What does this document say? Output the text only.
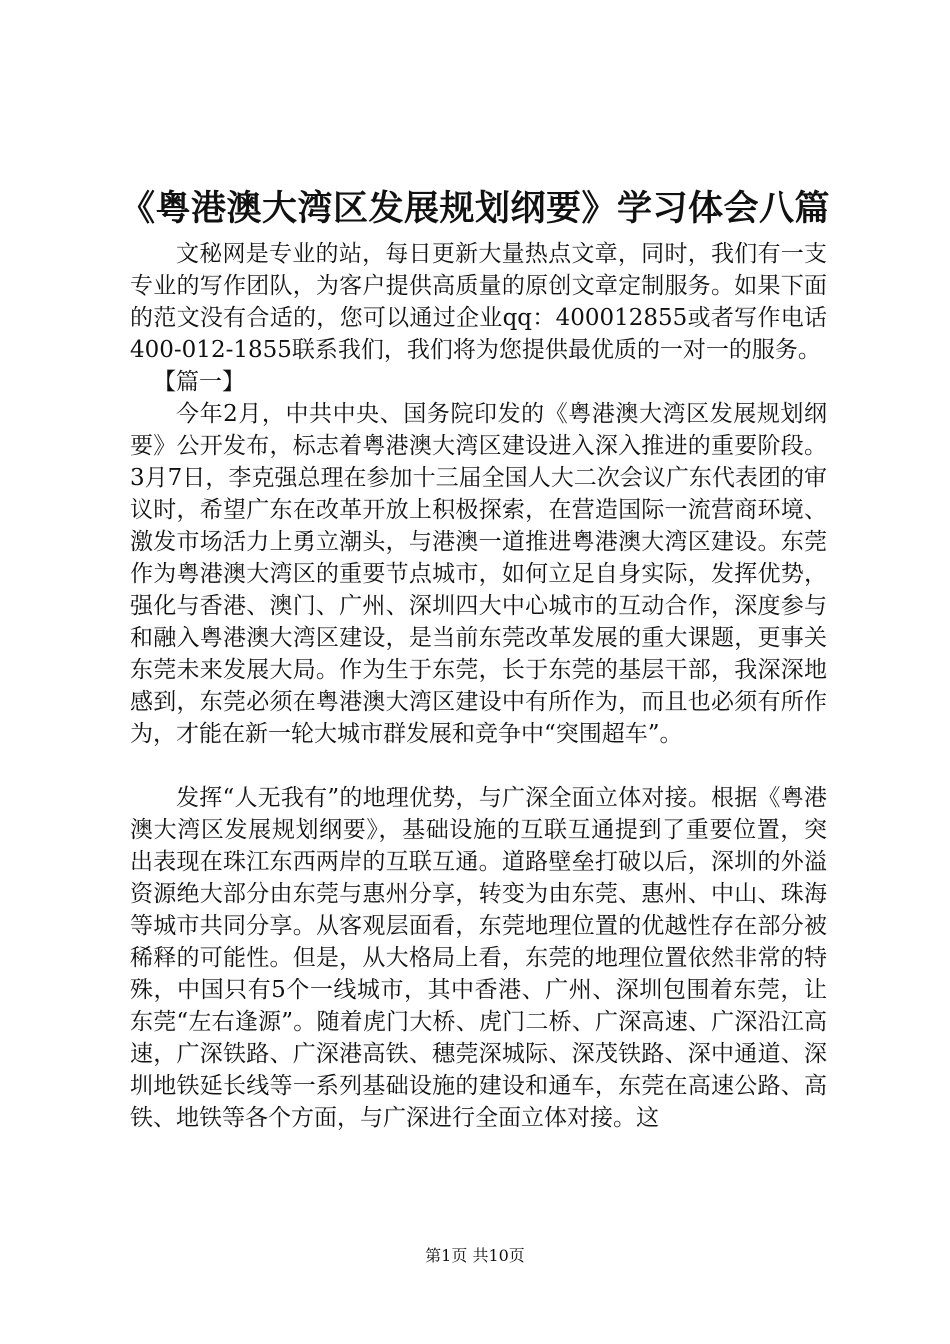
《粤港澳大湾区发展规划纲要》学习体会八篇

文秘网是专业的站，每日更新大量热点文章，同时，我们有一支专业的写作团队，为客户提供高质量的原创文章定制服务。如果下面的范文没有合适的，您可以通过企业qq：400012855或者写作电话400-012-1855联系我们，我们将为您提供最优质的一对一的服务。

【篇一】

今年2月，中共中央、国务院印发的《粤港澳大湾区发展规划纲要》公开发布，标志着粤港澳大湾区建设进入深入推进的重要阶段。3月7日，李克强总理在参加十三届全国人大二次会议广东代表团的审议时，希望广东在改革开放上积极探索，在营造国际一流营商环境、激发市场活力上勇立潮头，与港澳一道推进粤港澳大湾区建设。东莞作为粤港澳大湾区的重要节点城市，如何立足自身实际，发挥优势，强化与香港、澳门、广州、深圳四大中心城市的互动合作，深度参与和融入粤港澳大湾区建设，是当前东莞改革发展的重大课题，更事关东莞未来发展大局。作为生于东莞，长于东莞的基层干部，我深深地感到，东莞必须在粤港澳大湾区建设中有所作为，而且也必须有所作为，才能在新一轮大城市群发展和竞争中“突围超车”。

发挥“人无我有”的地理优势，与广深全面立体对接。根据《粤港澳大湾区发展规划纲要》，基础设施的互联互通提到了重要位置，突出表现在珠江东西两岸的互联互通。道路壁垒打破以后，深圳的外溢资源绝大部分由东莞与惠州分享，转变为由东莞、惠州、中山、珠海等城市共同分享。从客观层面看，东莞地理位置的优越性存在部分被稀释的可能性。但是，从大格局上看，东莞的地理位置依然非常的特殊，中国只有5个一线城市，其中香港、广州、深圳包围着东莞，让东莞“左右逢源”。随着虎门大桥、虎门二桥、广深高速、广深沿江高速，广深铁路、广深港高铁、穗莞深城际、深茂铁路、深中通道、深圳地铁延长线等一系列基础设施的建设和通车，东莞在高速公路、高铁、地铁等各个方面，与广深进行全面立体对接。这

第1页 共10页
